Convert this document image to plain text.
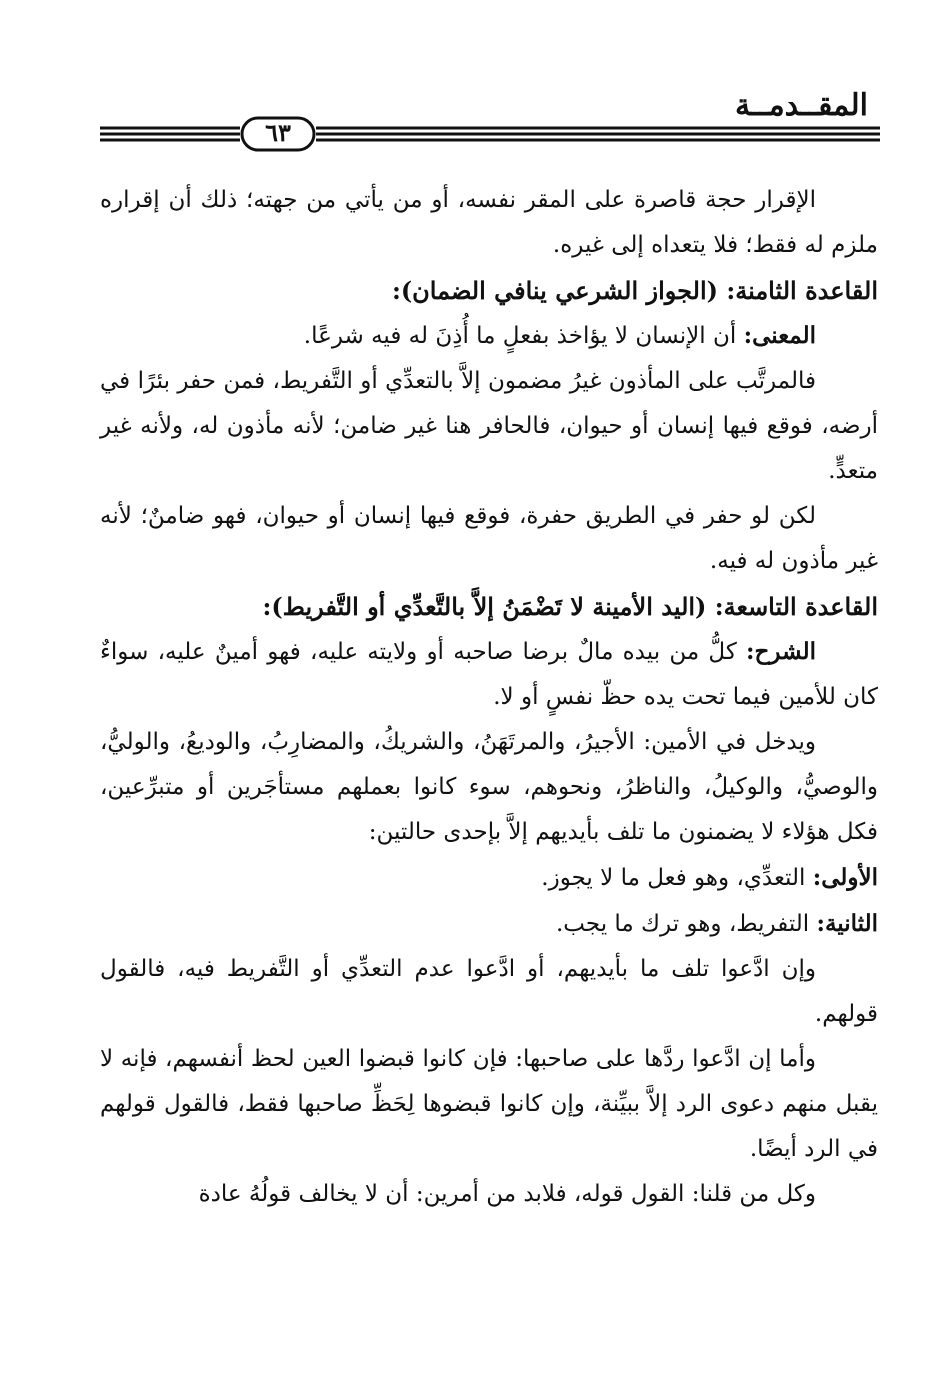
المقــدمــة
٦٣

الإقرار حجة قاصرة على المقر نفسه، أو من يأتي من جهته؛ ذلك أن إقراره ملزم له فقط؛ فلا يتعداه إلى غيره.

القاعدة الثامنة: (الجواز الشرعي ينافي الضمان):

المعنى: أن الإنسان لا يؤاخذ بفعلٍ ما أُذِنَ له فيه شرعًا.

فالمرتَّب على المأذون غيرُ مضمون إلاَّ بالتعدِّي أو التَّفريط، فمن حفر بئرًا في أرضه، فوقع فيها إنسان أو حيوان، فالحافر هنا غير ضامن؛ لأنه مأذون له، ولأنه غير متعدٍّ.

لكن لو حفر في الطريق حفرة، فوقع فيها إنسان أو حيوان، فهو ضامنٌ؛ لأنه غير مأذون له فيه.

القاعدة التاسعة: (اليد الأمينة لا تَضْمَنُ إلاَّ بالتَّعدِّي أو التَّفريط):

الشرح: كلُّ من بيده مالٌ برضا صاحبه أو ولايته عليه، فهو أمينٌ عليه، سواءٌ كان للأمين فيما تحت يده حظّ نفسٍ أو لا.

ويدخل في الأمين: الأجيرُ، والمرتَهَنُ، والشريكُ، والمضارِبُ، والوديعُ، والوليُّ، والوصيُّ، والوكيلُ، والناظرُ، ونحوهم، سوء كانوا بعملهم مستأجَرين أو متبرِّعين، فكل هؤلاء لا يضمنون ما تلف بأيديهم إلاَّ بإحدى حالتين:

الأولى: التعدِّي، وهو فعل ما لا يجوز.

الثانية: التفريط، وهو ترك ما يجب.

وإن ادَّعوا تلف ما بأيديهم، أو ادَّعوا عدم التعدِّي أو التَّفريط فيه، فالقول قولهم.

وأما إن ادَّعوا ردَّها على صاحبها: فإن كانوا قبضوا العين لحظ أنفسهم، فإنه لا يقبل منهم دعوى الرد إلاَّ ببيِّنة، وإن كانوا قبضوها لِحَظِّ صاحبها فقط، فالقول قولهم في الرد أيضًا.

وكل من قلنا: القول قوله، فلابد من أمرين: أن لا يخالف قولُهُ عادة
